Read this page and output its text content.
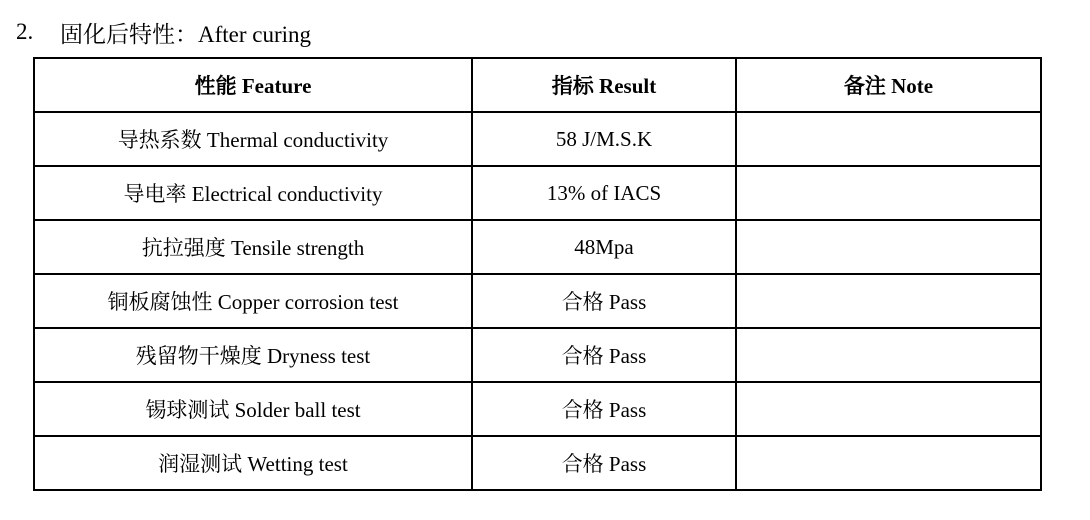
2.	固化后特性：After curing
性能 Feature	指标 Result	备注 Note
导热系数 Thermal conductivity	58 J/M.S.K	
导电率 Electrical conductivity	13% of IACS	
抗拉强度 Tensile strength	48Mpa	
铜板腐蚀性 Copper corrosion test	合格 Pass	
残留物干燥度 Dryness test	合格 Pass	
锡球测试 Solder ball test	合格 Pass	
润湿测试 Wetting test	合格 Pass	
